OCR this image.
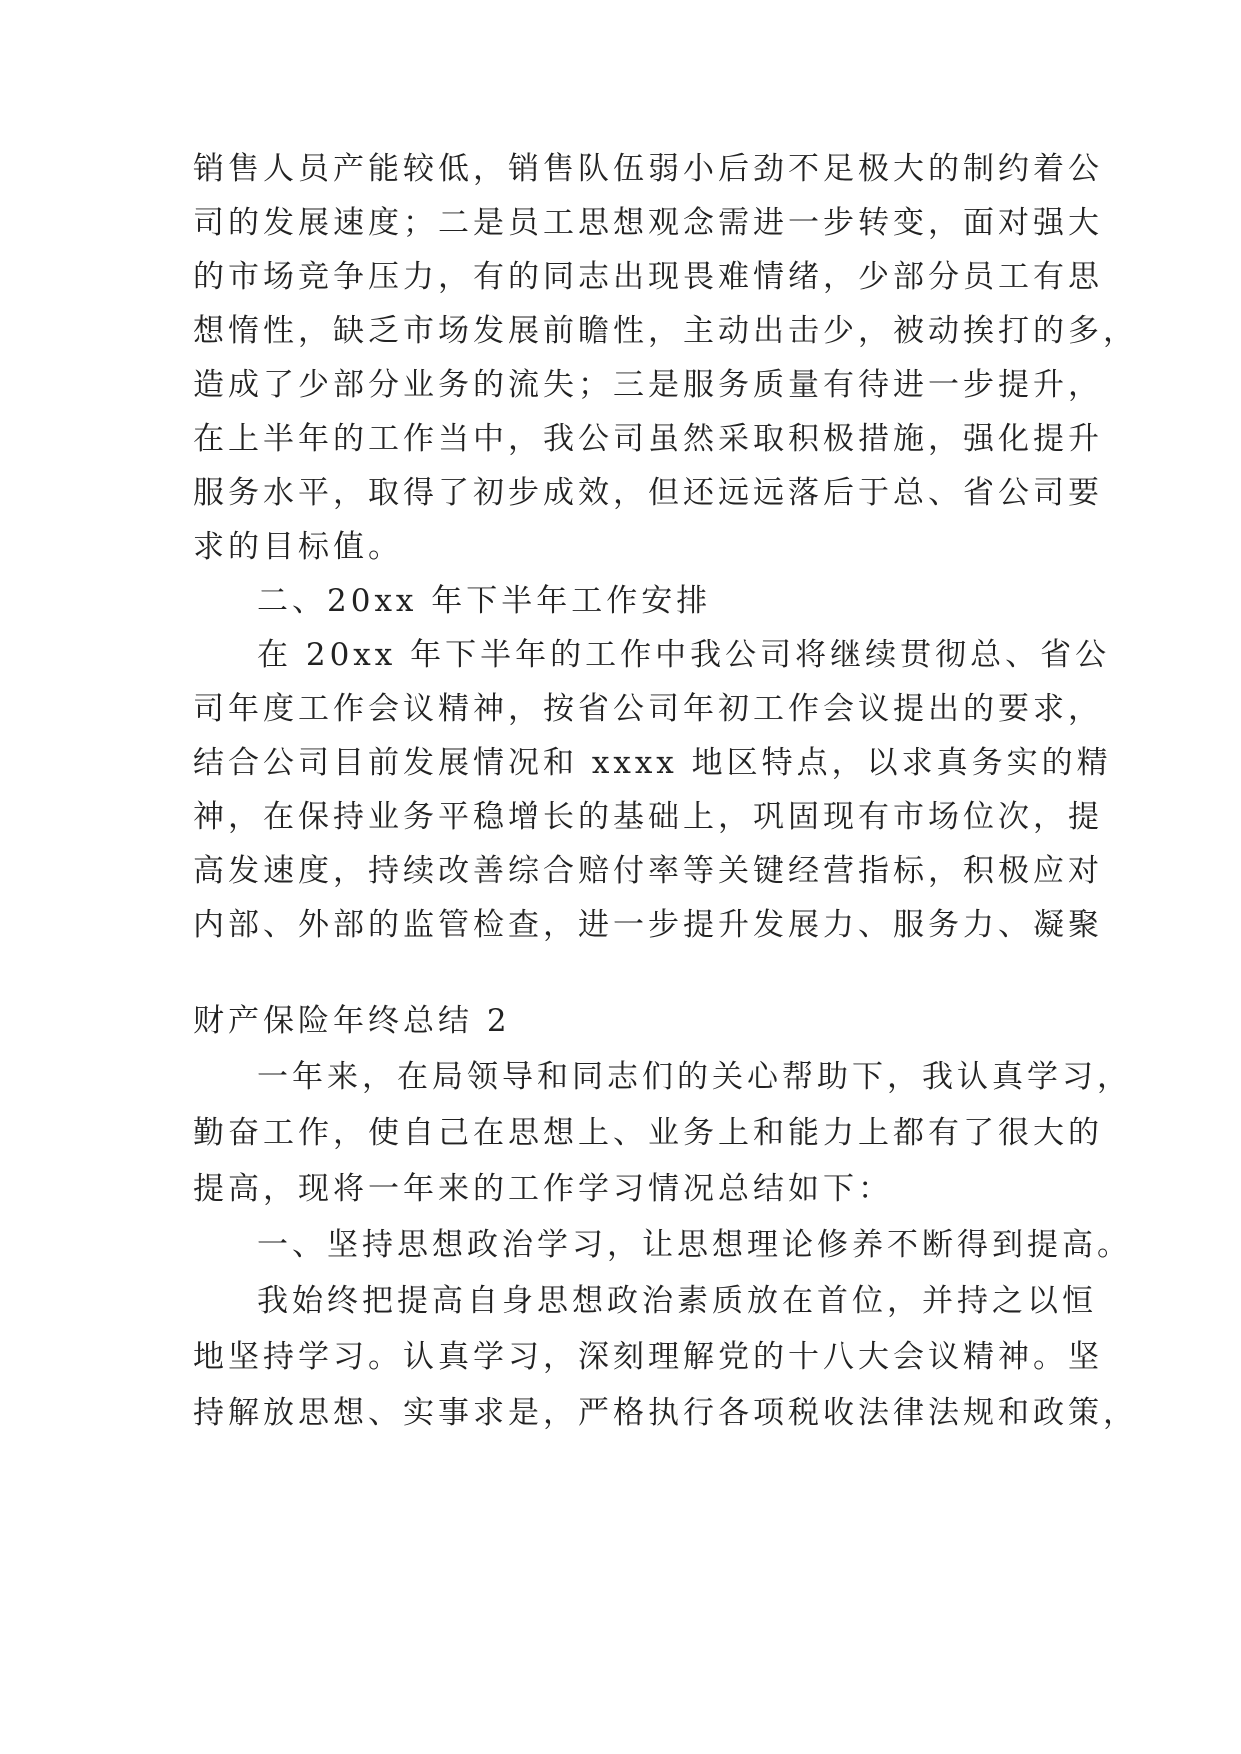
销售人员产能较低，销售队伍弱小后劲不足极大的制约着公
司的发展速度；二是员工思想观念需进一步转变，面对强大
的市场竞争压力，有的同志出现畏难情绪，少部分员工有思
想惰性，缺乏市场发展前瞻性，主动出击少，被动挨打的多，
造成了少部分业务的流失；三是服务质量有待进一步提升，
在上半年的工作当中，我公司虽然采取积极措施，强化提升
服务水平，取得了初步成效，但还远远落后于总、省公司要
求的目标值。
二、20xx 年下半年工作安排
在 20xx 年下半年的工作中我公司将继续贯彻总、省公
司年度工作会议精神，按省公司年初工作会议提出的要求，
结合公司目前发展情况和 xxxx 地区特点，以求真务实的精
神，在保持业务平稳增长的基础上，巩固现有市场位次，提
高发速度，持续改善综合赔付率等关键经营指标，积极应对
内部、外部的监管检查，进一步提升发展力、服务力、凝聚
财产保险年终总结 2
一年来，在局领导和同志们的关心帮助下，我认真学习，
勤奋工作，使自己在思想上、业务上和能力上都有了很大的
提高，现将一年来的工作学习情况总结如下：
一、坚持思想政治学习，让思想理论修养不断得到提高。
我始终把提高自身思想政治素质放在首位，并持之以恒
地坚持学习。认真学习，深刻理解党的十八大会议精神。坚
持解放思想、实事求是，严格执行各项税收法律法规和政策，
